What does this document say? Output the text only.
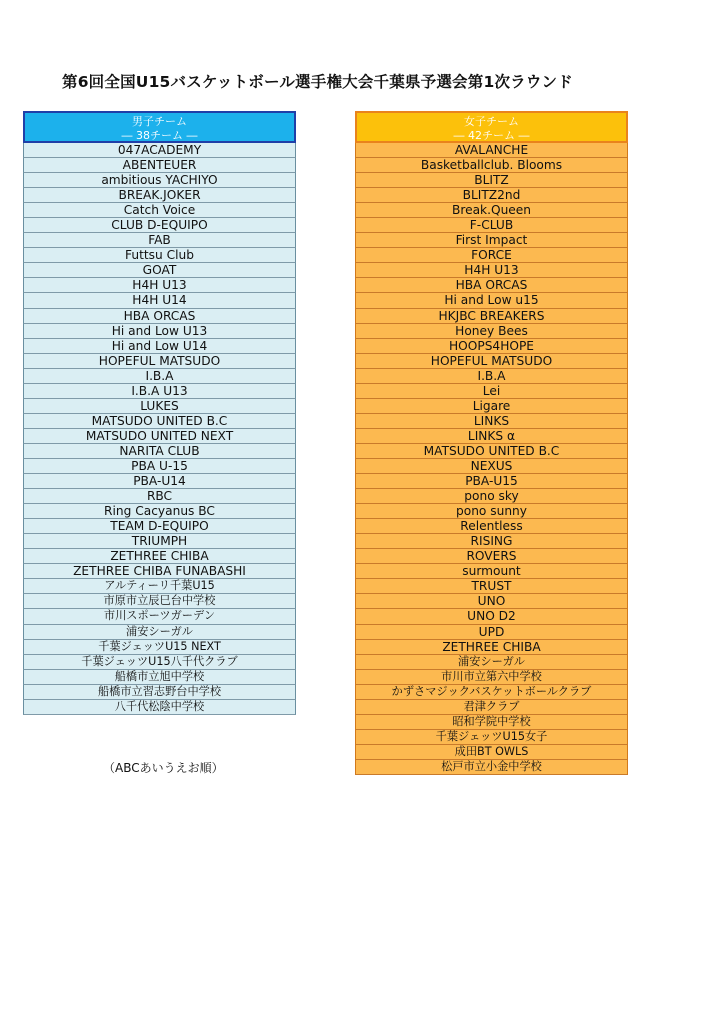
第6回全国U15バスケットボール選手権大会千葉県予選会第1次ラウンド
男子チーム
― 38チーム ―
047ACADEMY
ABENTEUER
ambitious YACHIYO
BREAK.JOKER
Catch Voice
CLUB D-EQUIPO
FAB
Futtsu Club
GOAT
H4H U13
H4H U14
HBA ORCAS
Hi and Low U13
Hi and Low U14
HOPEFUL MATSUDO
I.B.A
I.B.A U13
LUKES
MATSUDO UNITED B.C
MATSUDO UNITED NEXT
NARITA CLUB
PBA U-15
PBA-U14
RBC
Ring Cacyanus BC
TEAM D-EQUIPO
TRIUMPH
ZETHREE CHIBA
ZETHREE CHIBA FUNABASHI
アルティーリ千葉U15
市原市立辰巳台中学校
市川スポーツガーデン
浦安シーガル
千葉ジェッツU15 NEXT
千葉ジェッツU15八千代クラブ
船橋市立旭中学校
船橋市立習志野台中学校
八千代松陰中学校
女子チーム
― 42チーム ―
AVALANCHE
Basketballclub. Blooms
BLITZ
BLITZ2nd
Break.Queen
F-CLUB
First Impact
FORCE
H4H U13
HBA ORCAS
Hi and Low u15
HKJBC BREAKERS
Honey Bees
HOOPS4HOPE
HOPEFUL MATSUDO
I.B.A
Lei
Ligare
LINKS
LINKS α
MATSUDO UNITED B.C
NEXUS
PBA-U15
pono sky
pono sunny
Relentless
RISING
ROVERS
surmount
TRUST
UNO
UNO D2
UPD
ZETHREE CHIBA
浦安シーガル
市川市立第六中学校
かずさマジックバスケットボールクラブ
君津クラブ
昭和学院中学校
千葉ジェッツU15女子
成田BT OWLS
松戸市立小金中学校
（ABCあいうえお順）
